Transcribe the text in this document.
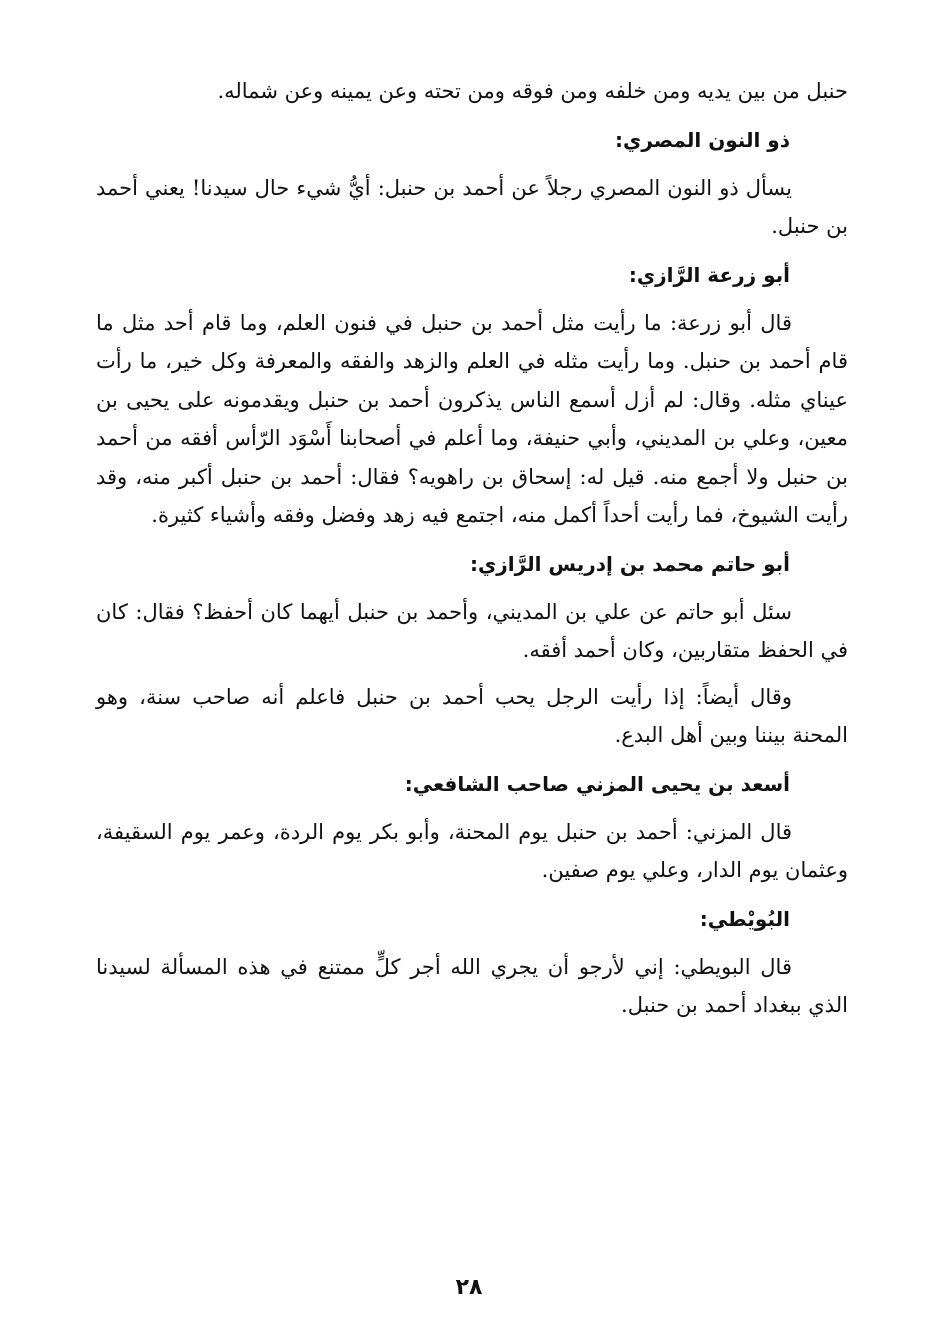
حنبل من بين يديه ومن خلفه ومن فوقه ومن تحته وعن يمينه وعن شماله.

ذو النون المصري:

يسأل ذو النون المصري رجلاً عن أحمد بن حنبل: أيُّ شيء حال سيدنا! يعني أحمد بن حنبل.

أبو زرعة الرَّازي:

قال أبو زرعة: ما رأيت مثل أحمد بن حنبل في فنون العلم، وما قام أحد مثل ما قام أحمد بن حنبل. وما رأيت مثله في العلم والزهد والفقه والمعرفة وكل خير، ما رأت عيناي مثله. وقال: لم أزل أسمع الناس يذكرون أحمد بن حنبل ويقدمونه على يحيى بن معين، وعلي بن المديني، وأبي حنيفة، وما أعلم في أصحابنا أَسْوَد الرّأس أفقه من أحمد بن حنبل ولا أجمع منه. قيل له: إسحاق بن راهويه؟ فقال: أحمد بن حنبل أكبر منه، وقد رأيت الشيوخ، فما رأيت أحداً أكمل منه، اجتمع فيه زهد وفضل وفقه وأشياء كثيرة.

أبو حاتم محمد بن إدريس الرَّازي:

سئل أبو حاتم عن علي بن المديني، وأحمد بن حنبل أيهما كان أحفظ؟ فقال: كان في الحفظ متقاربين، وكان أحمد أفقه.

وقال أيضاً: إذا رأيت الرجل يحب أحمد بن حنبل فاعلم أنه صاحب سنة، وهو المحنة بيننا وبين أهل البدع.

أسعد بن يحيى المزني صاحب الشافعي:

قال المزني: أحمد بن حنبل يوم المحنة، وأبو بكر يوم الردة، وعمر يوم السقيفة، وعثمان يوم الدار، وعلي يوم صفين.

البُويْطي:

قال البويطي: إني لأرجو أن يجري الله أجر كلٍّ ممتنع في هذه المسألة لسيدنا الذي ببغداد أحمد بن حنبل.

٢٨
